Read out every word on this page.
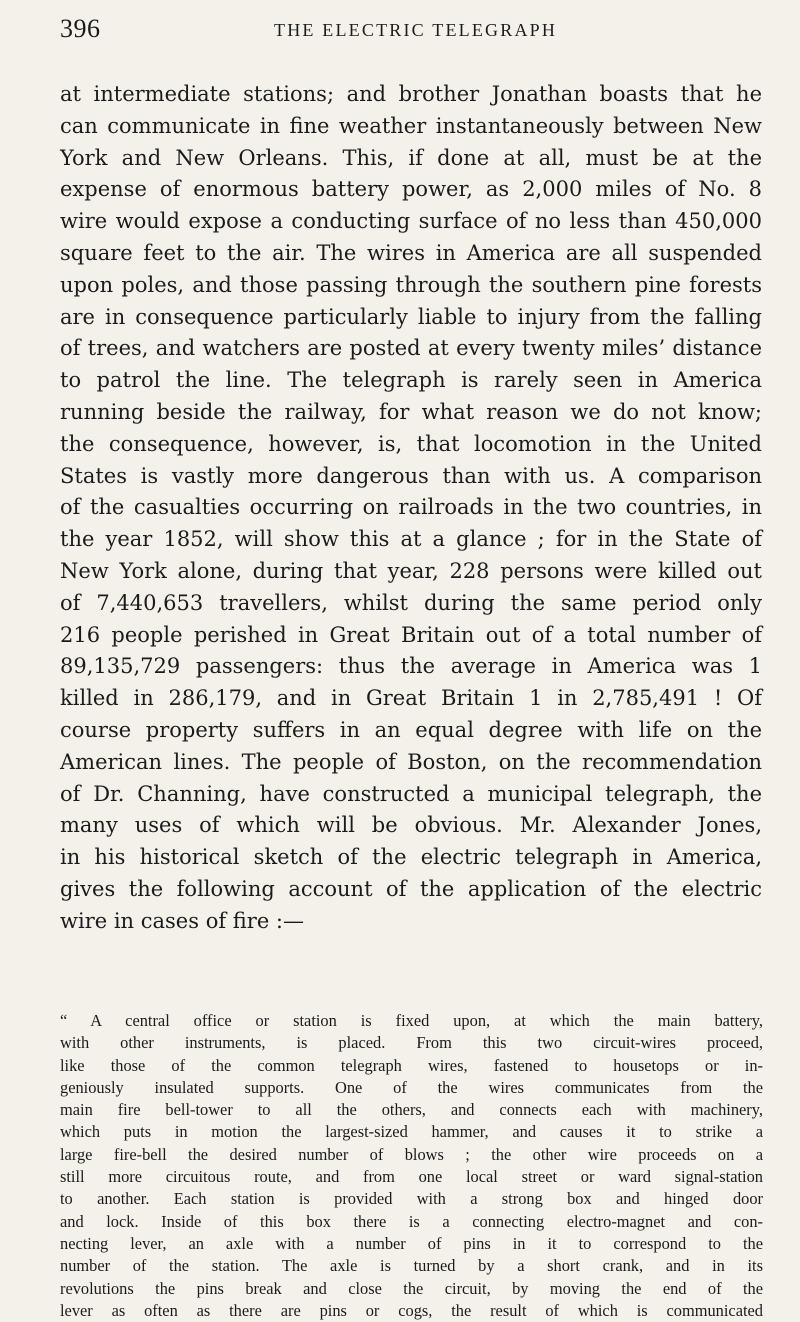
396	THE ELECTRIC TELEGRAPH
at intermediate stations; and brother Jonathan boasts that he
can communicate in fine weather instantaneously between New
York and New Orleans. This, if done at all, must be at the
expense of enormous battery power, as 2,000 miles of No. 8
wire would expose a conducting surface of no less than 450,000
square feet to the air. The wires in America are all suspended
upon poles, and those passing through the southern pine forests
are in consequence particularly liable to injury from the falling
of trees, and watchers are posted at every twenty miles’ distance
to patrol the line. The telegraph is rarely seen in America
running beside the railway, for what reason we do not know;
the consequence, however, is, that locomotion in the United
States is vastly more dangerous than with us. A comparison
of the casualties occurring on railroads in the two countries, in
the year 1852, will show this at a glance ; for in the State of
New York alone, during that year, 228 persons were killed out
of 7,440,653 travellers, whilst during the same period only
216 people perished in Great Britain out of a total number of
89,135,729 passengers: thus the average in America was 1
killed in 286,179, and in Great Britain 1 in 2,785,491 ! Of
course property suffers in an equal degree with life on the
American lines. The people of Boston, on the recommendation
of Dr. Channing, have constructed a municipal telegraph, the
many uses of which will be obvious. Mr. Alexander Jones,
in his historical sketch of the electric telegraph in America,
gives the following account of the application of the electric
wire in cases of fire :—
“ A central office or station is fixed upon, at which the main battery,
with other instruments, is placed. From this two circuit-wires proceed,
like those of the common telegraph wires, fastened to housetops or in-
geniously insulated supports. One of the wires communicates from the
main fire bell-tower to all the others, and connects each with machinery,
which puts in motion the largest-sized hammer, and causes it to strike a
large fire-bell the desired number of blows ; the other wire proceeds on a
still more circuitous route, and from one local street or ward signal-station
to another. Each station is provided with a strong box and hinged door
and lock. Inside of this box there is a connecting electro-magnet and con-
necting lever, an axle with a number of pins in it to correspond to the
number of the station. The axle is turned by a short crank, and in its
revolutions the pins break and close the circuit, by moving the end of the
lever as often as there are pins or cogs, the result of which is communicated
